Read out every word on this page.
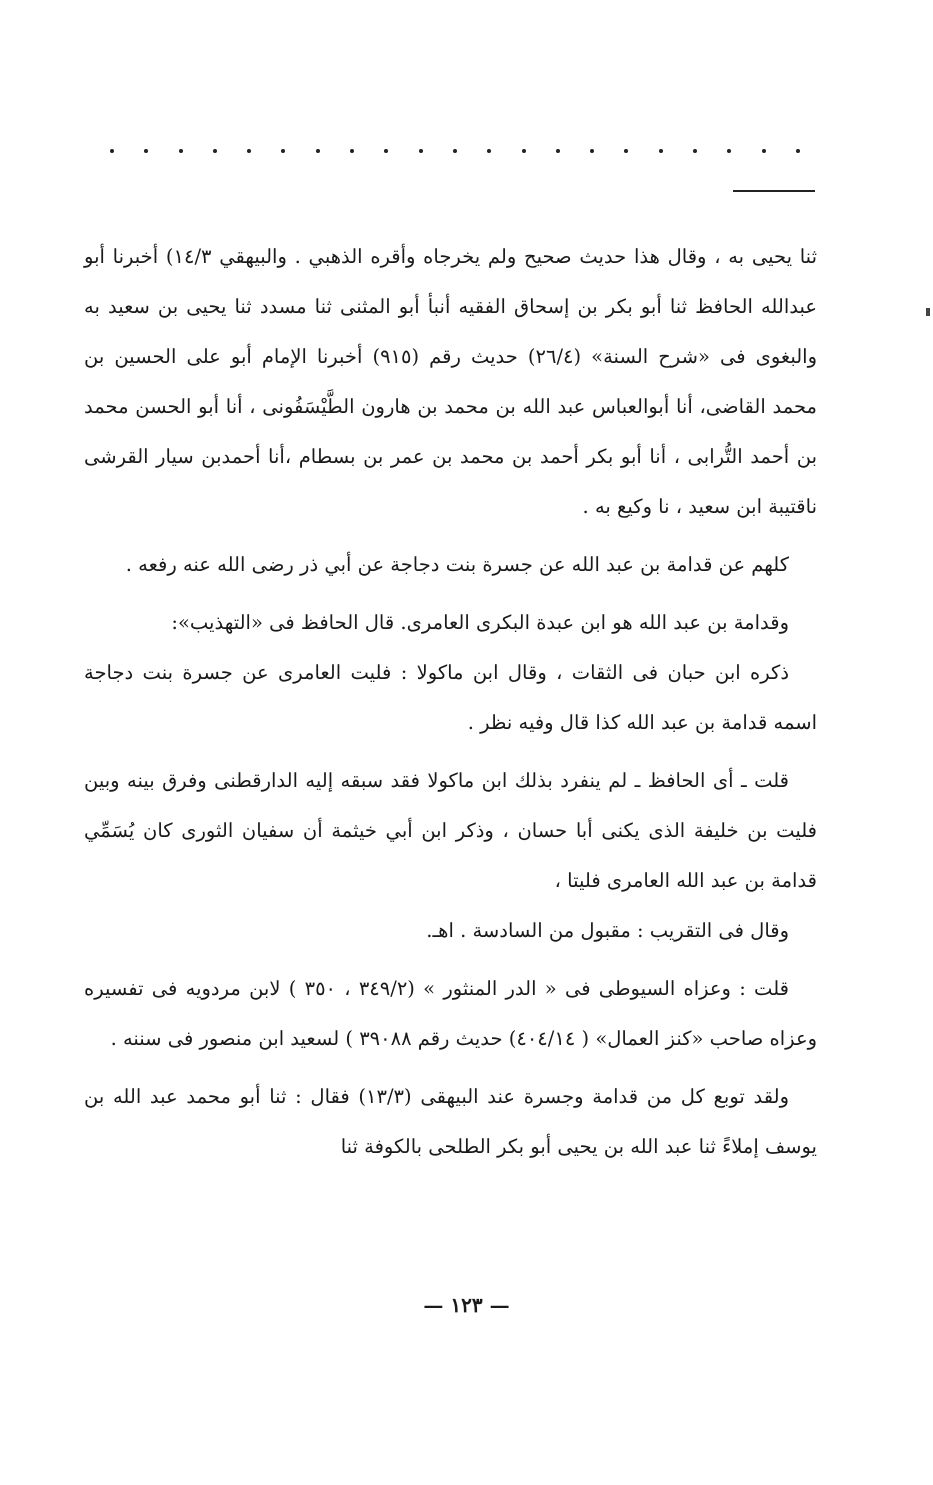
ثنا يحيى به ، وقال هذا حديث صحيح ولم يخرجاه وأقره الذهبي . والبيهقي ١٤/٣) أخبرنا أبو عبدالله الحافظ ثنا أبو بكر بن إسحاق الفقيه أنبأ أبو المثنى ثنا مسدد ثنا يحيى بن سعيد به والبغوى فى «شرح السنة» (٢٦/٤) حديث رقم (٩١٥) أخبرنا الإمام أبو على الحسين بن محمد القاضى، أنا أبوالعباس عبد الله بن محمد بن هارون الطَّيْسَفُونى ، أنا أبو الحسن محمد بن أحمد التُّرابى ، أنا أبو بكر أحمد بن محمد بن عمر بن بسطام ،أنا أحمدبن سيار القرشى ناقتيبة ابن سعيد ، نا وكيع به .

كلهم عن قدامة بن عبد الله عن جسرة بنت دجاجة عن أبي ذر رضى الله عنه رفعه .

وقدامة بن عبد الله هو ابن عبدة البكرى العامرى. قال الحافظ فى «التهذيب»:

ذكره ابن حبان فى الثقات ، وقال ابن ماكولا : فليت العامرى عن جسرة بنت دجاجة اسمه قدامة بن عبد الله كذا قال وفيه نظر .

قلت ـ أى الحافظ ـ لم ينفرد بذلك ابن ماكولا فقد سبقه إليه الدارقطنى وفرق بينه وبين فليت بن خليفة الذى يكنى أبا حسان ، وذكر ابن أبي خيثمة أن سفيان الثورى كان يُسَمِّي قدامة بن عبد الله العامرى فليتا ،

وقال فى التقريب : مقبول من السادسة . اهـ.

قلت : وعزاه السيوطى فى « الدر المنثور » (٣٤٩/٢ ، ٣٥٠ ) لابن مردويه فى تفسيره وعزاه صاحب «كنز العمال» ( ٤٠٤/١٤) حديث رقم ٣٩٠٨٨ ) لسعيد ابن منصور فى سننه .

ولقد توبع كل من قدامة وجسرة عند البيهقى (١٣/٣) فقال : ثنا أبو محمد عبد الله بن يوسف إملاءً ثنا عبد الله بن يحيى أبو بكر الطلحى بالكوفة ثنا

— ١٢٣ —
